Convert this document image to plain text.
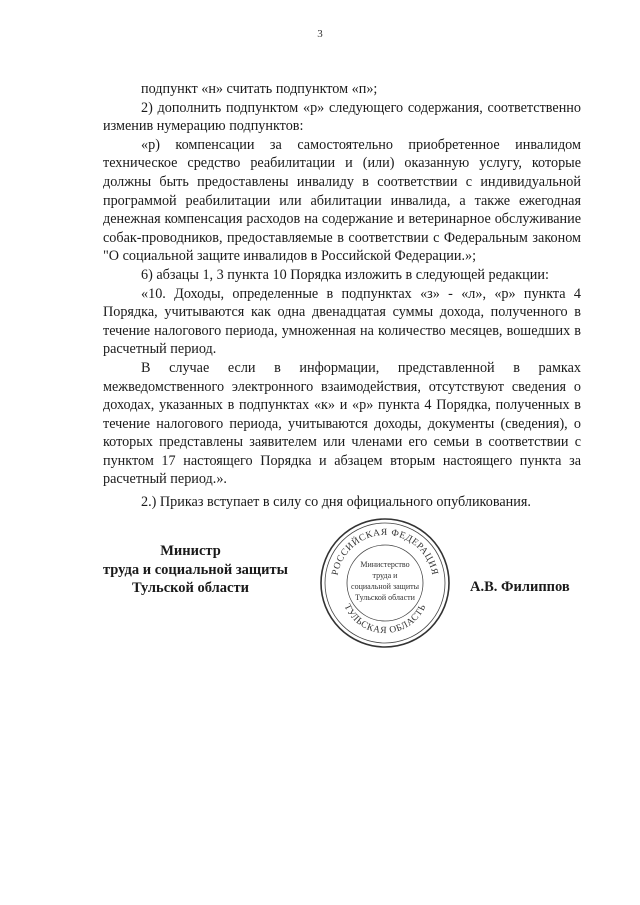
3

подпункт «н» считать подпунктом «п»;

2) дополнить подпунктом «р» следующего содержания, соответственно изменив нумерацию подпунктов:

«р) компенсации за самостоятельно приобретенное инвалидом техническое средство реабилитации и (или) оказанную услугу, которые должны быть предоставлены инвалиду в соответствии с индивидуальной программой реабилитации или абилитации инвалида, а также ежегодная денежная компенсация расходов на содержание и ветеринарное обслуживание собак-проводников, предоставляемые в соответствии с Федеральным законом "О социальной защите инвалидов в Российской Федерации.»;

6) абзацы 1, 3 пункта 10 Порядка изложить в следующей редакции:

«10. Доходы, определенные в подпунктах «з» - «л», «р» пункта 4 Порядка, учитываются как одна двенадцатая суммы дохода, полученного в течение налогового периода, умноженная на количество месяцев, вошедших в расчетный период.

В случае если в информации, представленной в рамках межведомственного электронного взаимодействия, отсутствуют сведения о доходах, указанных в подпунктах «к» и «р» пункта 4 Порядка, полученных в течение налогового периода, учитываются доходы, документы (сведения), о которых представлены заявителем или членами его семьи в соответствии с пунктом 17 настоящего Порядка и абзацем вторым настоящего пункта за расчетный период.».

2.) Приказ вступает в силу со дня официального опубликования.

Министр
труда и социальной защиты
Тульской области
РОССИЙСКАЯ ФЕДЕРАЦИЯ
ТУЛЬСКАЯ ОБЛАСТЬ
Министерство
труда и
социальной защиты
Тульской области
А.В. Филиппов
